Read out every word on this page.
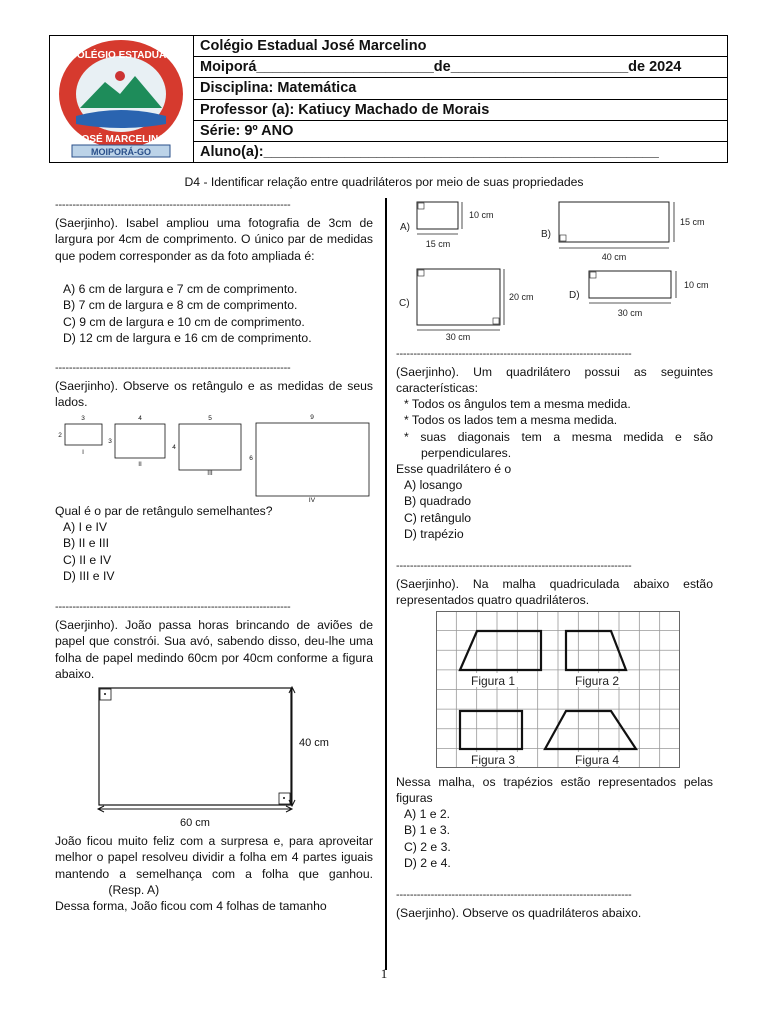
COLÉGIO ESTADUAL
JOSÉ MARCELINO
MOIPORÁ-GO
Colégio Estadual José Marcelino
Moiporá______________________de______________________de 2024
Disciplina: Matemática
Professor (a): Katiucy Machado de Morais
Série: 9º ANO
Aluno(a):_________________________________________________
D4 - Identificar relação entre quadriláteros por meio de suas propriedades
--------------------------------------------------------------------
(Saerjinho). Isabel ampliou uma fotografia de 3cm de largura por 4cm de comprimento. O único par de medidas que podem corresponder as da foto ampliada é:
A) 6 cm de largura e 7 cm de comprimento.
B) 7 cm de largura e 8 cm de comprimento.
C) 9 cm de largura e 10 cm de comprimento.
D) 12 cm de largura e 16 cm de comprimento.
--------------------------------------------------------------------
(Saerjinho). Observe os retângulo e as medidas de seus lados.
3
2
I
4
3
II
5
4
III
9
6
IV
Qual é o par de retângulo semelhantes?
A) I e IV
B) II e III
C) II e IV
D) III e IV
--------------------------------------------------------------------
(Saerjinho). João passa horas brincando de aviões de papel que constrói. Sua avó, sabendo disso, deu-lhe uma folha de papel medindo 60cm por 40cm conforme a figura abaixo.
40 cm
60 cm
João ficou muito feliz com a surpresa e, para aproveitar melhor o papel resolveu dividir a folha em 4 partes iguais mantendo a semelhança com a folha que ganhou.  (Resp. A)
Dessa forma, João ficou com 4 folhas de tamanho
A)
10 cm
15 cm
B)
15 cm
40 cm
C)
20 cm
30 cm
D)
10 cm
30 cm
--------------------------------------------------------------------
(Saerjinho). Um quadrilátero possui as seguintes características:
* Todos os ângulos tem a mesma medida.
* Todos os lados tem a mesma medida.
* suas diagonais tem a mesma medida e são
perpendiculares.
Esse quadrilátero é o
A) losango
B) quadrado
C) retângulo
D) trapézio
--------------------------------------------------------------------
(Saerjinho). Na malha quadriculada abaixo estão representados quatro quadriláteros.
Figura 1	Figura 2
Figura 3	Figura 4
Nessa malha, os trapézios estão representados pelas figuras
A) 1 e 2.
B) 1 e 3.
C) 2 e 3.
D) 2 e 4.
--------------------------------------------------------------------
(Saerjinho). Observe os quadriláteros abaixo.
1
